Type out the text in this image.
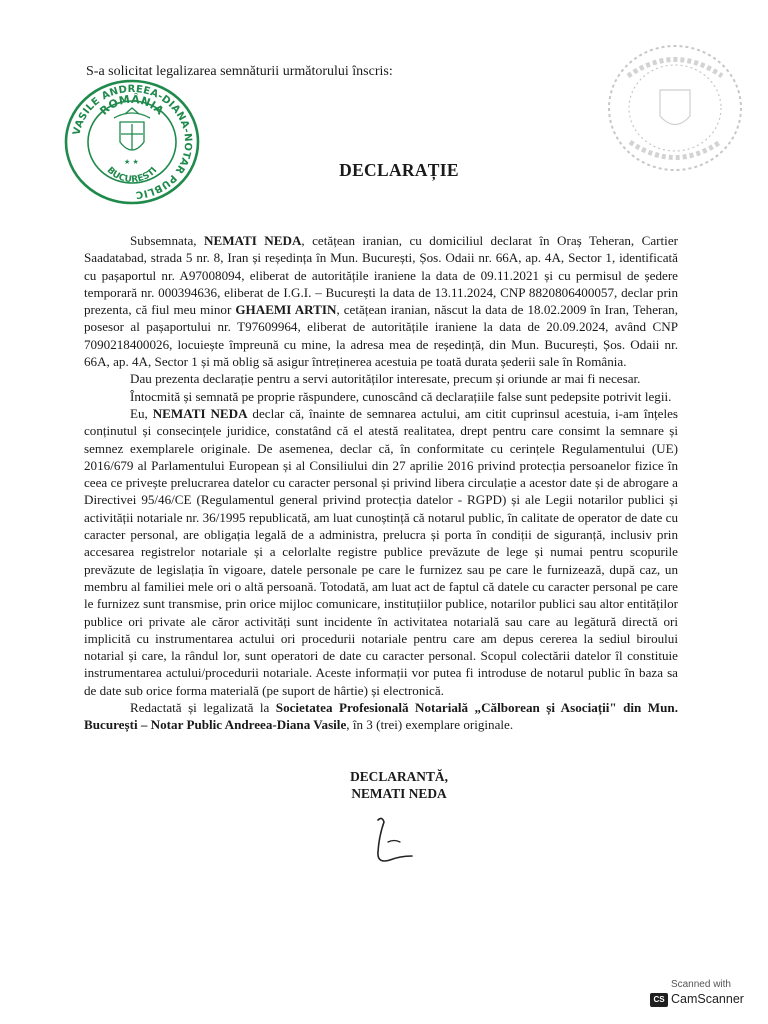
S-a solicitat legalizarea semnăturii următorului înscris:
ROMÂNIA
VASILE ANDREEA-DIANA-NOTAR PUBLIC
BUCUREȘTI
★ ★	DECLARAȚIE

Subsemnata, NEMATI NEDA, cetățean iranian, cu domiciliul declarat în Oraș Teheran, Cartier Saadatabad, strada 5 nr. 8, Iran și reședința în Mun. București, Șos. Odaii nr. 66A, ap. 4A, Sector 1, identificată cu pașaportul nr. A97008094, eliberat de autoritățile iraniene la data de 09.11.2021 și cu permisul de ședere temporară nr. 000394636, eliberat de I.G.I. – București la data de 13.11.2024, CNP 8820806400057, declar prin prezenta, că fiul meu minor GHAEMI ARTIN, cetățean iranian, născut la data de 18.02.2009 în Iran, Teheran, posesor al pașaportului nr. T97609964, eliberat de autoritățile iraniene la data de 20.09.2024, având CNP 7090218400026, locuiește împreună cu mine, la adresa mea de reședință, din Mun. București, Șos. Odaii nr. 66A, ap. 4A, Sector 1 și mă oblig să asigur întreținerea acestuia pe toată durata șederii sale în România.

Dau prezenta declarație pentru a servi autorităților interesate, precum și oriunde ar mai fi necesar.

Întocmită și semnată pe proprie răspundere, cunoscând că declarațiile false sunt pedepsite potrivit legii.

Eu, NEMATI NEDA declar că, înainte de semnarea actului, am citit cuprinsul acestuia, i-am înțeles conținutul și consecințele juridice, constatând că el atestă realitatea, drept pentru care consimt la semnare și semnez exemplarele originale. De asemenea, declar că, în conformitate cu cerințele Regulamentului (UE) 2016/679 al Parlamentului European și al Consiliului din 27 aprilie 2016 privind protecția persoanelor fizice în ceea ce privește prelucrarea datelor cu caracter personal și privind libera circulație a acestor date și de abrogare a Directivei 95/46/CE (Regulamentul general privind protecția datelor - RGPD) și ale Legii notarilor publici și activității notariale nr. 36/1995 republicată, am luat cunoștință că notarul public, în calitate de operator de date cu caracter personal, are obligația legală de a administra, prelucra și porta în condiții de siguranță, inclusiv prin accesarea registrelor notariale și a celorlalte registre publice prevăzute de lege și numai pentru scopurile prevăzute de legislația în vigoare, datele personale pe care le furnizez sau pe care le furnizează, după caz, un membru al familiei mele ori o altă persoană. Totodată, am luat act de faptul că datele cu caracter personal pe care le furnizez sunt transmise, prin orice mijloc comunicare, instituțiilor publice, notarilor publici sau altor entităților publice ori private ale căror activități sunt incidente în activitatea notarială sau care au legătură directă ori implicită cu instrumentarea actului ori procedurii notariale pentru care am depus cererea la sediul biroului notarial și care, la rândul lor, sunt operatori de date cu caracter personal. Scopul colectării datelor îl constituie instrumentarea actului/procedurii notariale. Aceste informații vor putea fi introduse de notarul public în baza sa de date sub orice forma materială (pe suport de hârtie) și electronică.

Redactată și legalizată la Societatea Profesională Notarială „Călborean și Asociații" din Mun. București – Notar Public Andreea-Diana Vasile, în 3 (trei) exemplare originale.

DECLARANTĂ,
NEMATI NEDA
Scanned with
CS CamScanner
